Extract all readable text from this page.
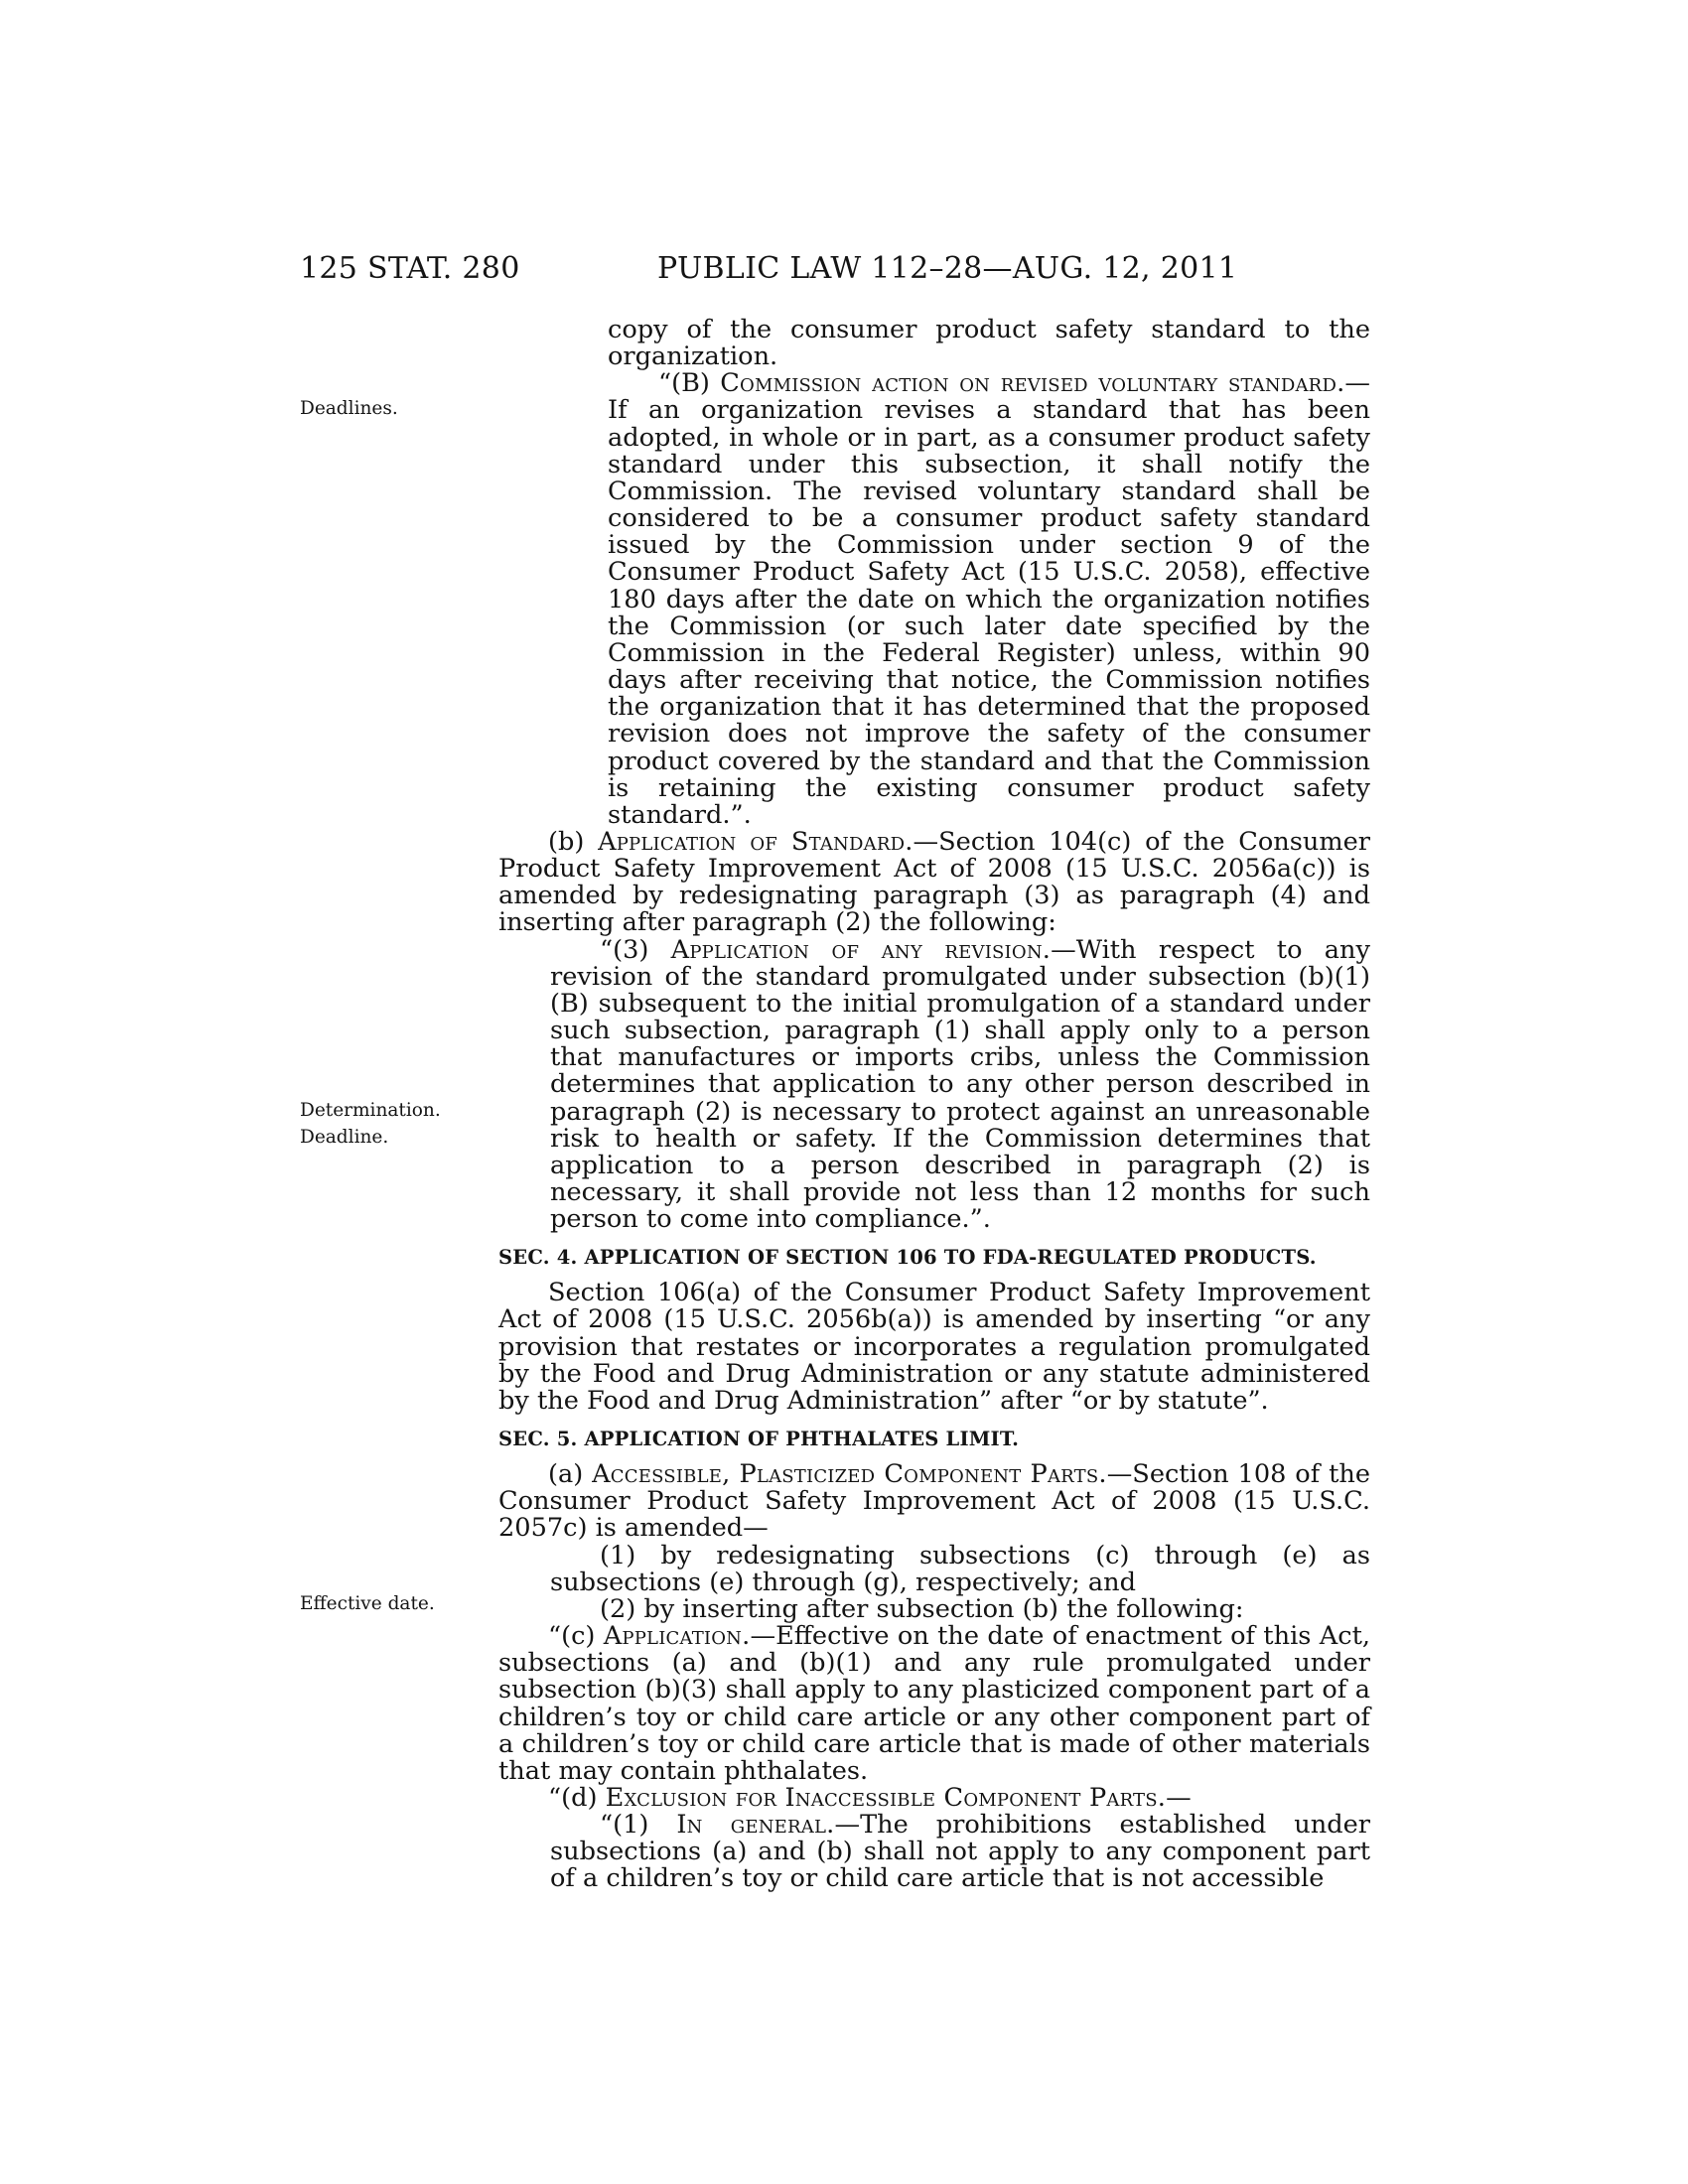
125 STAT. 280	PUBLIC LAW 112–28—AUG. 12, 2011
Deadlines.
Determination.
Deadline.
Effective date.

copy of the consumer product safety standard to the organization.

“(B) Commission action on revised voluntary standard.—If an organization revises a standard that has been adopted, in whole or in part, as a consumer product safety standard under this subsection, it shall notify the Commission. The revised voluntary standard shall be considered to be a consumer product safety standard issued by the Commission under section 9 of the Consumer Product Safety Act (15 U.S.C. 2058), effective 180 days after the date on which the organization notifies the Commission (or such later date specified by the Commission in the Federal Register) unless, within 90 days after receiving that notice, the Commission notifies the organization that it has determined that the proposed revision does not improve the safety of the consumer product covered by the standard and that the Commission is retaining the existing consumer product safety standard.”.

(b) Application of Standard.—Section 104(c) of the Consumer Product Safety Improvement Act of 2008 (15 U.S.C. 2056a(c)) is amended by redesignating paragraph (3) as paragraph (4) and inserting after paragraph (2) the following:

“(3) Application of any revision.—With respect to any revision of the standard promulgated under subsection (b)(1)(B) subsequent to the initial promulgation of a standard under such subsection, paragraph (1) shall apply only to a person that manufactures or imports cribs, unless the Commission determines that application to any other person described in paragraph (2) is necessary to protect against an unreasonable risk to health or safety. If the Commission determines that application to a person described in paragraph (2) is necessary, it shall provide not less than 12 months for such person to come into compliance.”.

SEC. 4. APPLICATION OF SECTION 106 TO FDA-REGULATED PRODUCTS.

Section 106(a) of the Consumer Product Safety Improvement Act of 2008 (15 U.S.C. 2056b(a)) is amended by inserting “or any provision that restates or incorporates a regulation promulgated by the Food and Drug Administration or any statute administered by the Food and Drug Administration” after “or by statute”.

SEC. 5. APPLICATION OF PHTHALATES LIMIT.

(a) Accessible, Plasticized Component Parts.—Section 108 of the Consumer Product Safety Improvement Act of 2008 (15 U.S.C. 2057c) is amended—

(1) by redesignating subsections (c) through (e) as subsections (e) through (g), respectively; and

(2) by inserting after subsection (b) the following:

“(c) Application.—Effective on the date of enactment of this Act, subsections (a) and (b)(1) and any rule promulgated under subsection (b)(3) shall apply to any plasticized component part of a children’s toy or child care article or any other component part of a children’s toy or child care article that is made of other materials that may contain phthalates.

“(d) Exclusion for Inaccessible Component Parts.—

“(1) In general.—The prohibitions established under subsections (a) and (b) shall not apply to any component part of a children’s toy or child care article that is not accessible
